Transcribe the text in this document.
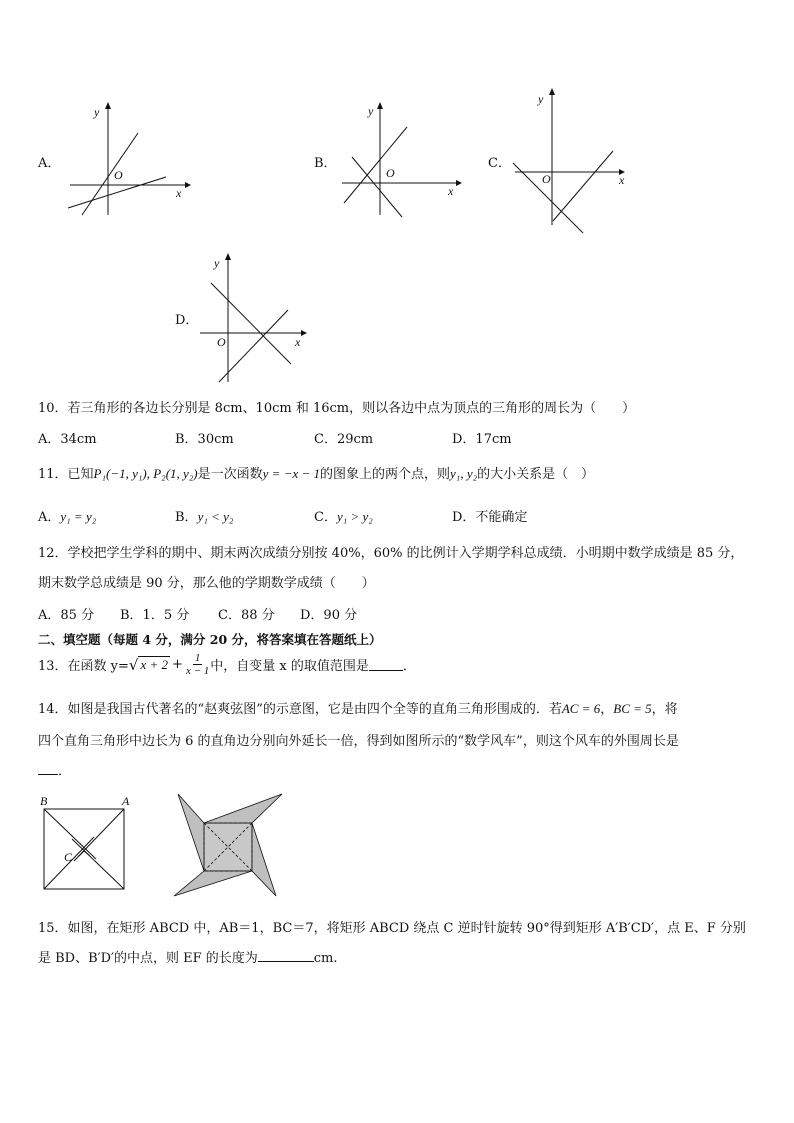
A．
y
x
O
B．
y
x
O
C．
y
x
O
D．
y
x
O
10．若三角形的各边长分别是 8cm、10cm 和 16cm，则以各边中点为顶点的三角形的周长为（　　）
A．34cm	B．30cm	C．29cm	D．17cm
11．已知P₁(−1, y₁), P₂(1, y₂)是一次函数y = −x − 1的图象上的两个点，则y₁, y₂的大小关系是（　）
A．y₁ = y₂	B．y₁ < y₂	C．y₁ > y₂	D．不能确定
12．学校把学生学科的期中、期末两次成绩分别按 40%，60% 的比例计入学期学科总成绩．小明期中数学成绩是 85 分，
期末数学总成绩是 90 分，那么他的学期数学成绩（　　）
A．85 分 B．1．5 分 C．88 分 D．90 分
二、填空题（每题 4 分，满分 20 分，将答案填在答题纸上）
13．在函数 y= √ $x + 2 + \frac{1}{x - 1}$ 中，自变量 x 的取值范围是	．
14．如图是我国古代著名的“赵爽弦图”的示意图，它是由四个全等的直角三角形围成的．若AC = 6，BC = 5，将
四个直角三角形中边长为 6 的直角边分别向外延长一倍，得到如图所示的“数学风车”，则这个风车的外围周长是
．
B	A
C
15．如图，在矩形 ABCD 中，AB＝1，BC＝7，将矩形 ABCD 绕点 C 逆时针旋转 90°得到矩形 A′B′CD′，点 E、F 分别
是 BD、B′D′的中点，则 EF 的长度为	cm.
